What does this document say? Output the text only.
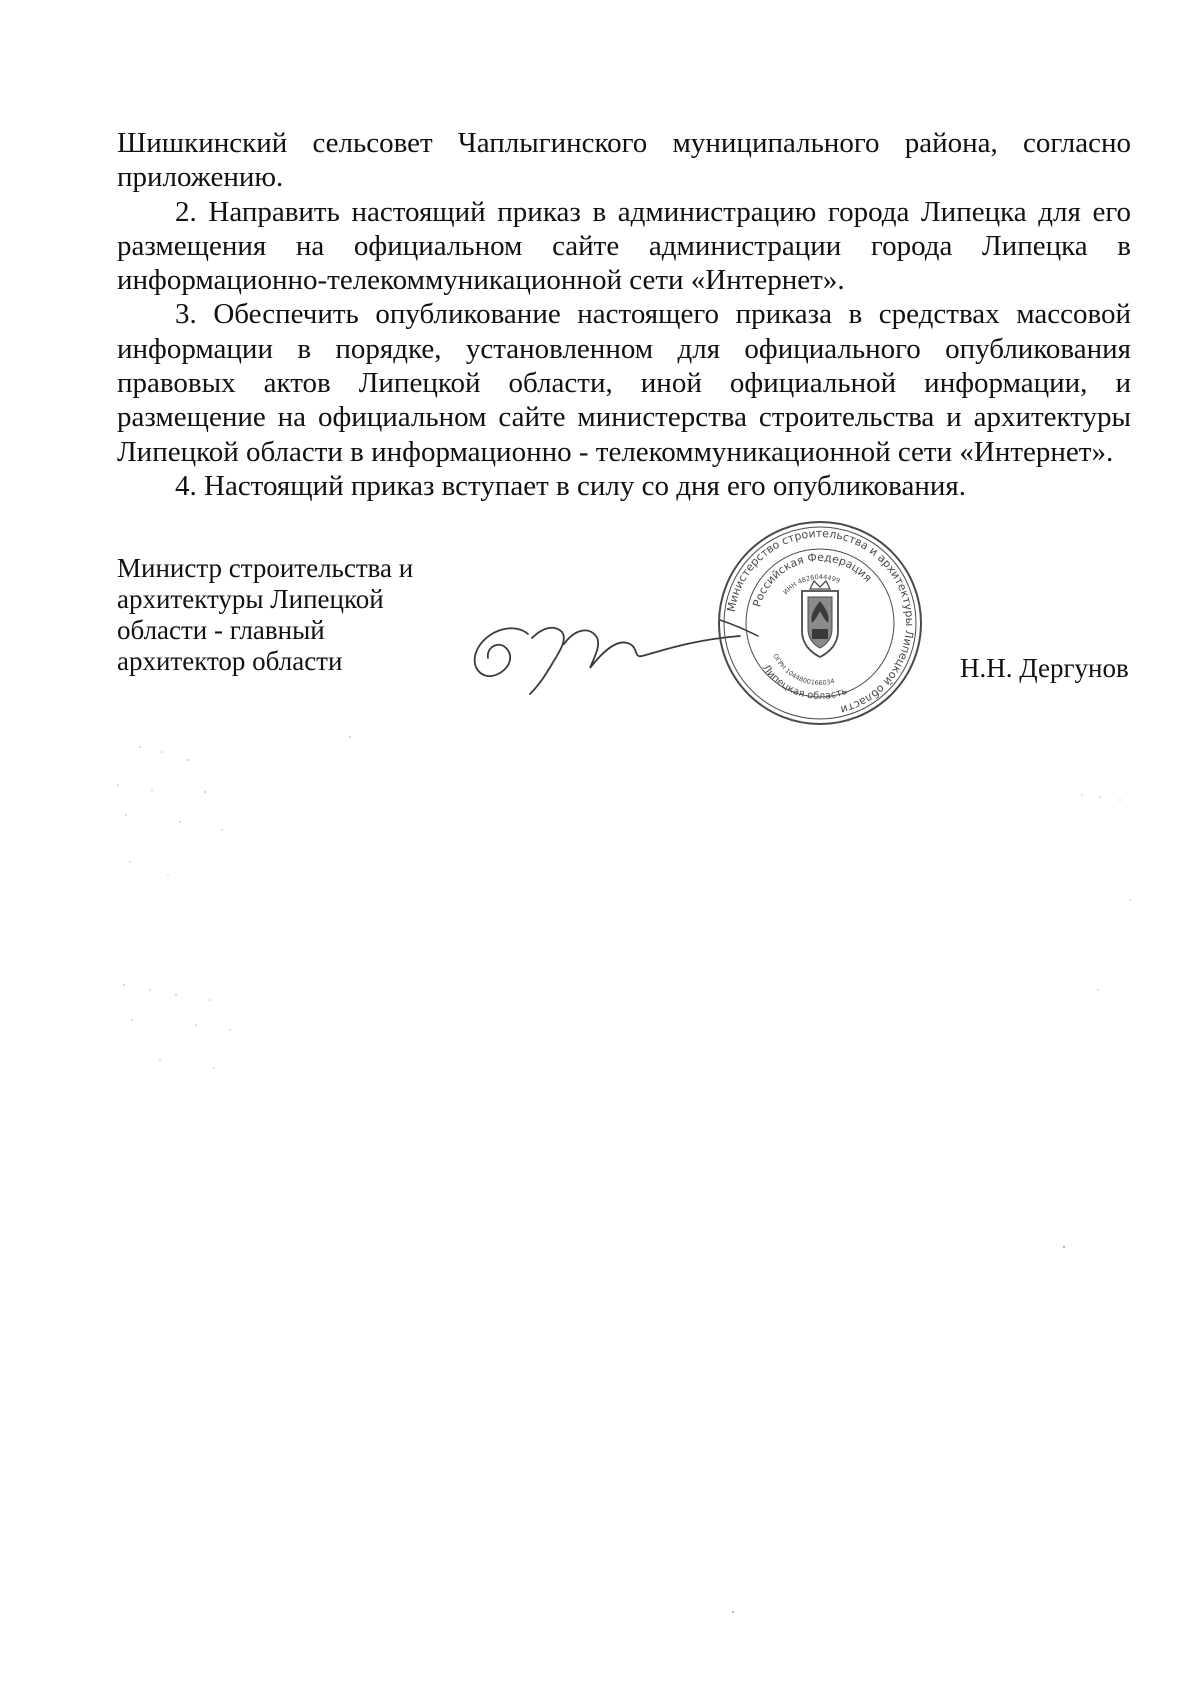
Шишкинский сельсовет Чаплыгинского муниципального района, согласно приложению.

2. Направить настоящий приказ в администрацию города Липецка для его размещения на официальном сайте администрации города Липецка в информационно-телекоммуникационной сети «Интернет».

3. Обеспечить опубликование настоящего приказа в средствах массовой информации в порядке, установленном для официального опубликования правовых актов Липецкой области, иной официальной информации, и размещение на официальном сайте министерства строительства и архитектуры Липецкой области в информационно - телекоммуникационной сети «Интернет».

4. Настоящий приказ вступает в силу со дня его опубликования.

Министр строительства и
архитектуры Липецкой
области - главный
архитектор области
Министерство строительства и архитектуры Липецкой области
Российская Федерация
ИНН 4826044499
Липецкая область
ОГРН 1044800166034	Н.Н. Дергунов
